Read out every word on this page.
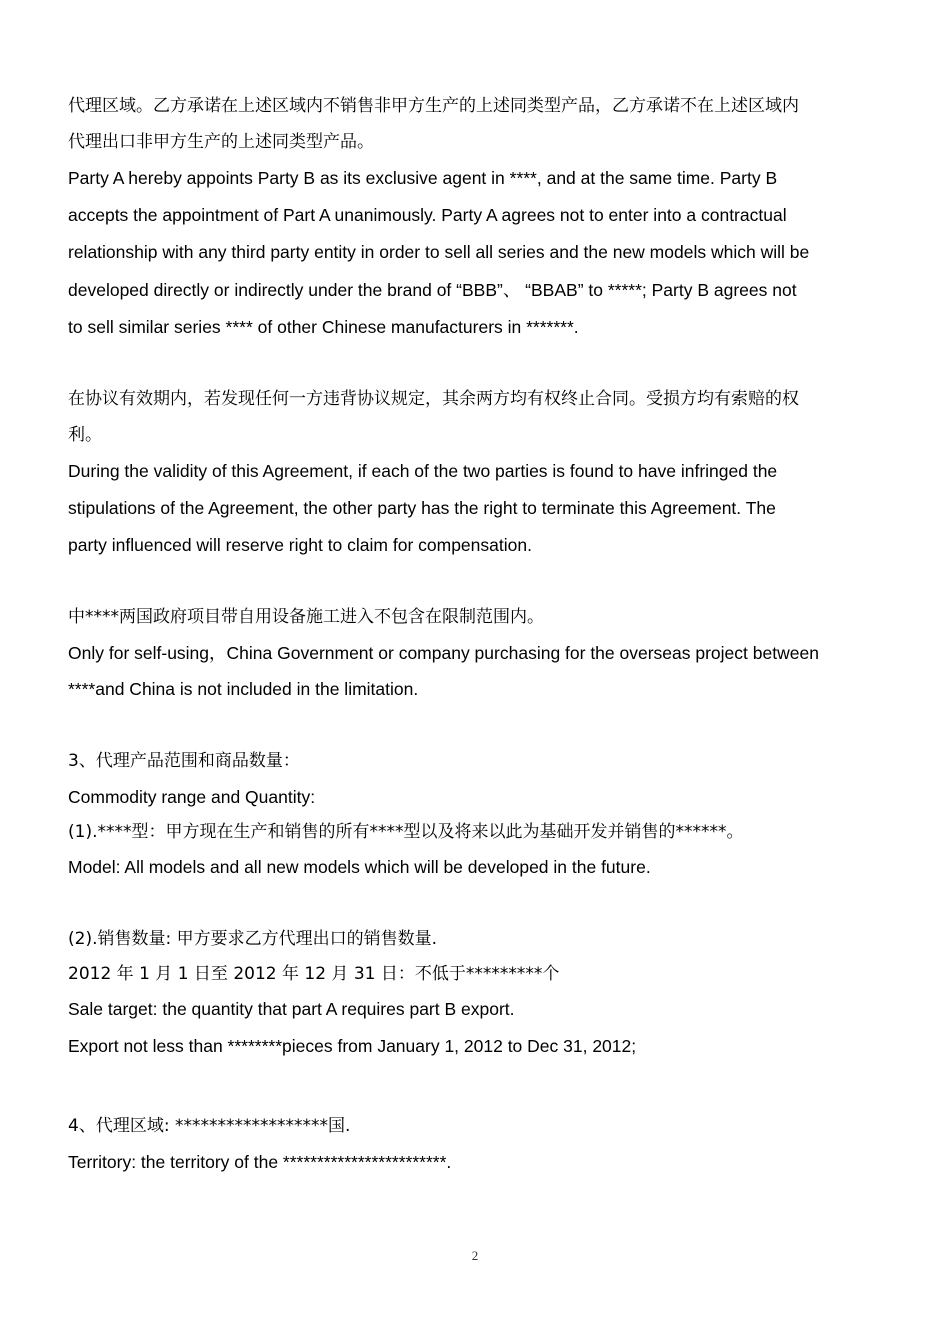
代理区域。乙方承诺在上述区域内不销售非甲方生产的上述同类型产品，乙方承诺不在上述区域内

代理出口非甲方生产的上述同类型产品。

Party A hereby appoints Party B as its exclusive agent in ****, and at the same time. Party B

accepts the appointment of Part A unanimously. Party A agrees not to enter into a contractual

relationship with any third party entity in order to sell all series and the new models which will be

developed directly or indirectly under the brand of “BBB”、 “BBAB” to *****; Party B agrees not

to sell similar series **** of other Chinese manufacturers in *******.

在协议有效期内，若发现任何一方违背协议规定，其余两方均有权终止合同。受损方均有索赔的权

利。

During the validity of this Agreement, if each of the two parties is found to have infringed the

stipulations of the Agreement, the other party has the right to terminate this Agreement. The

party influenced will reserve right to claim for compensation.

中****两国政府项目带自用设备施工进入不包含在限制范围内。

Only for self-using，China Government or company purchasing for the overseas project between

****and China is not included in the limitation.

3、代理产品范围和商品数量：

Commodity range and Quantity:

(1).****型：甲方现在生产和销售的所有****型以及将来以此为基础开发并销售的******。

Model: All models and all new models which will be developed in the future.

(2).销售数量: 甲方要求乙方代理出口的销售数量.

2012 年 1 月 1 日至 2012 年 12 月 31 日：不低于*********个

Sale target: the quantity that part A requires part B export.

Export not less than ********pieces from January 1, 2012 to Dec 31, 2012;

4、代理区域: ******************国.

Territory: the territory of the ************************.

2
